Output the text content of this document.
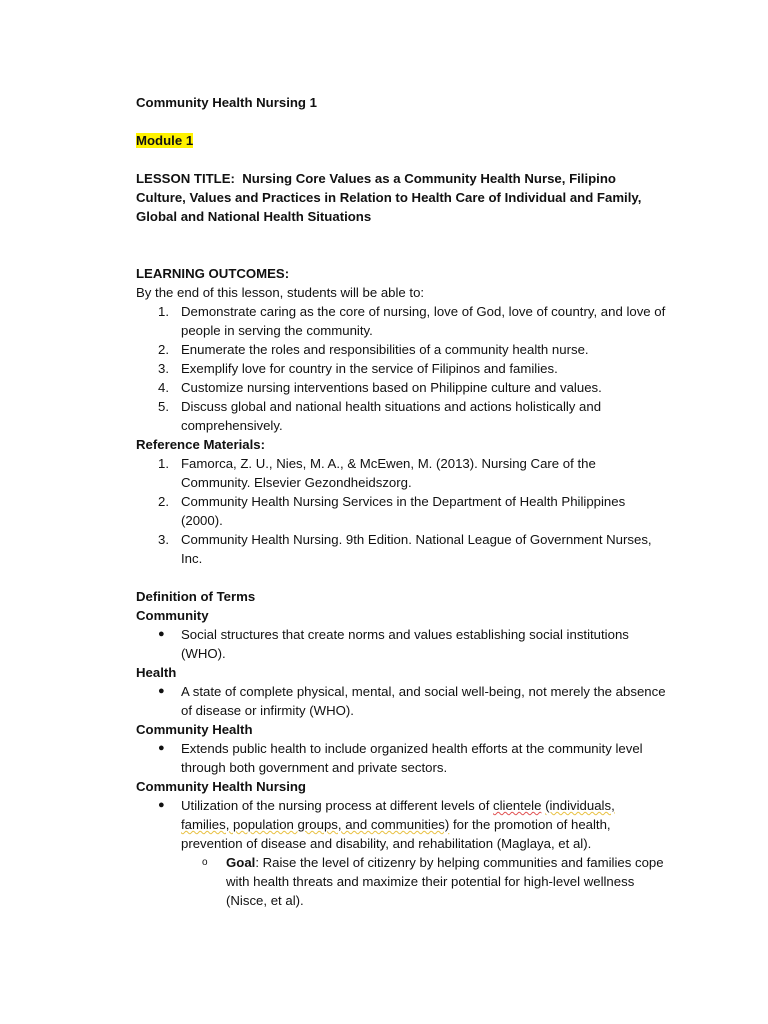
Community Health Nursing 1

Module 1

LESSON TITLE: Nursing Core Values as a Community Health Nurse, Filipino Culture, Values and Practices in Relation to Health Care of Individual and Family, Global and National Health Situations

LEARNING OUTCOMES:

By the end of this lesson, students will be able to:

1. Demonstrate caring as the core of nursing, love of God, love of country, and love of people in serving the community.
2. Enumerate the roles and responsibilities of a community health nurse.
3. Exemplify love for country in the service of Filipinos and families.
4. Customize nursing interventions based on Philippine culture and values.
5. Discuss global and national health situations and actions holistically and comprehensively.

Reference Materials:

1. Famorca, Z. U., Nies, M. A., & McEwen, M. (2013). Nursing Care of the Community. Elsevier Gezondheidszorg.
2. Community Health Nursing Services in the Department of Health Philippines (2000).
3. Community Health Nursing. 9th Edition. National League of Government Nurses, Inc.

Definition of Terms

Community

● Social structures that create norms and values establishing social institutions (WHO).

Health

● A state of complete physical, mental, and social well-being, not merely the absence of disease or infirmity (WHO).

Community Health

● Extends public health to include organized health efforts at the community level through both government and private sectors.

Community Health Nursing

● Utilization of the nursing process at different levels of clientele (individuals, families, population groups, and communities) for the promotion of health, prevention of disease and disability, and rehabilitation (Maglaya, et al).
o Goal: Raise the level of citizenry by helping communities and families cope with health threats and maximize their potential for high-level wellness (Nisce, et al).
